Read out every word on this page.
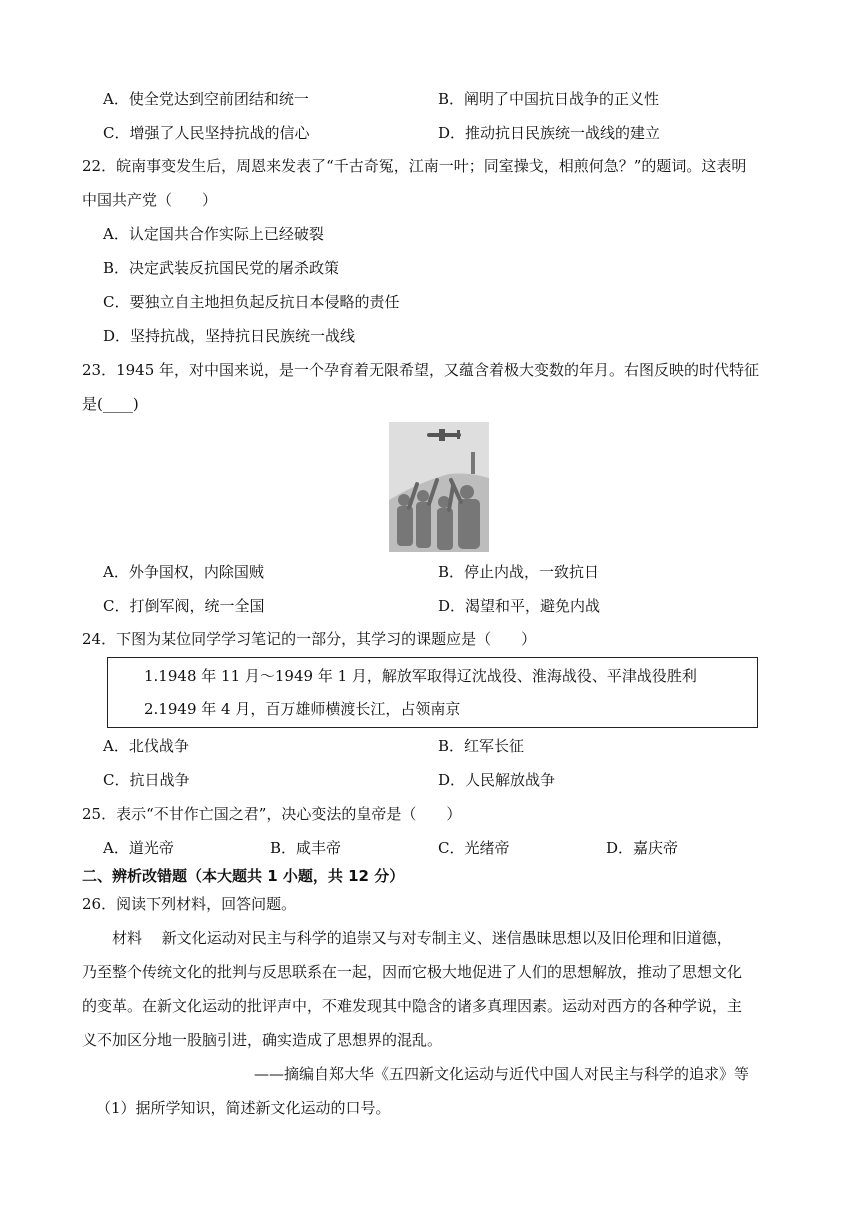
A．使全党达到空前团结和统一	B．阐明了中国抗日战争的正义性
C．增强了人民坚持抗战的信心	D．推动抗日民族统一战线的建立
22．皖南事变发生后，周恩来发表了“千古奇冤，江南一叶；同室操戈，相煎何急？”的题词。这表明
中国共产党（　　）
A．认定国共合作实际上已经破裂
B．决定武装反抗国民党的屠杀政策
C．要独立自主地担负起反抗日本侵略的责任
D．坚持抗战，坚持抗日民族统一战线
23．1945 年，对中国来说，是一个孕育着无限希望，又蕴含着极大变数的年月。右图反映的时代特征
是(____)
A．外争国权，内除国贼	B．停止内战，一致抗日
C．打倒军阀，统一全国	D．渴望和平，避免内战
24．下图为某位同学学习笔记的一部分，其学习的课题应是（　　）
1.1948 年 11 月～1949 年 1 月，解放军取得辽沈战役、淮海战役、平津战役胜利
2.1949 年 4 月，百万雄师横渡长江，占领南京
A．北伐战争	B．红军长征
C．抗日战争	D．人民解放战争
25．表示“不甘作亡国之君”，决心变法的皇帝是（　　）
A．道光帝	B．咸丰帝	C．光绪帝	D．嘉庆帝
二、辨析改错题（本大题共 1 小题，共 12 分）
26．阅读下列材料，回答问题。
材料　 新文化运动对民主与科学的追崇又与对专制主义、迷信愚昧思想以及旧伦理和旧道德，
乃至整个传统文化的批判与反思联系在一起，因而它极大地促进了人们的思想解放，推动了思想文化
的变革。在新文化运动的批评声中，不难发现其中隐含的诸多真理因素。运动对西方的各种学说，主
义不加区分地一股脑引进，确实造成了思想界的混乱。
——摘编自郑大华《五四新文化运动与近代中国人对民主与科学的追求》等
（1）据所学知识，简述新文化运动的口号。
